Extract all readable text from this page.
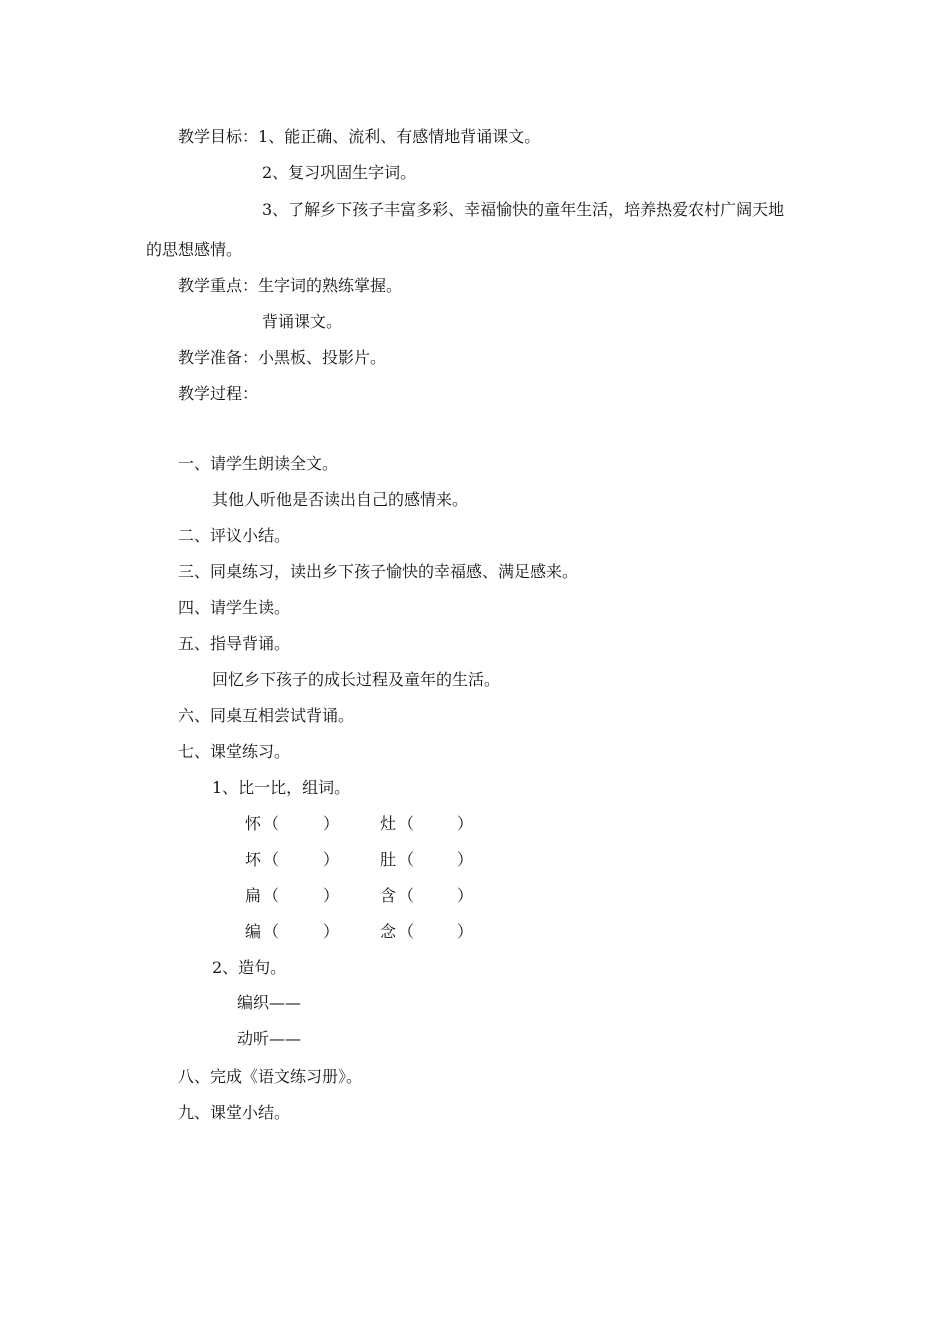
教学目标：1、能正确、流利、有感情地背诵课文。
2、复习巩固生字词。
3、了解乡下孩子丰富多彩、幸福愉快的童年生活，培养热爱农村广阔天地
的思想感情。
教学重点：生字词的熟练掌握。
背诵课文。
教学准备：小黑板、投影片。
教学过程：
一、请学生朗读全文。
其他人听他是否读出自己的感情来。
二、评议小结。
三、同桌练习，读出乡下孩子愉快的幸福感、满足感来。
四、请学生读。
五、指导背诵。
回忆乡下孩子的成长过程及童年的生活。
六、同桌互相尝试背诵。
七、课堂练习。
1、比一比，组词。
怀 （	）	灶 （	）
坏 （	）	肚 （	）
扁 （	）	含 （	）
编 （	）	念 （	）
2、造句。
编织——
动听——
八、完成《语文练习册》。
九、课堂小结。
